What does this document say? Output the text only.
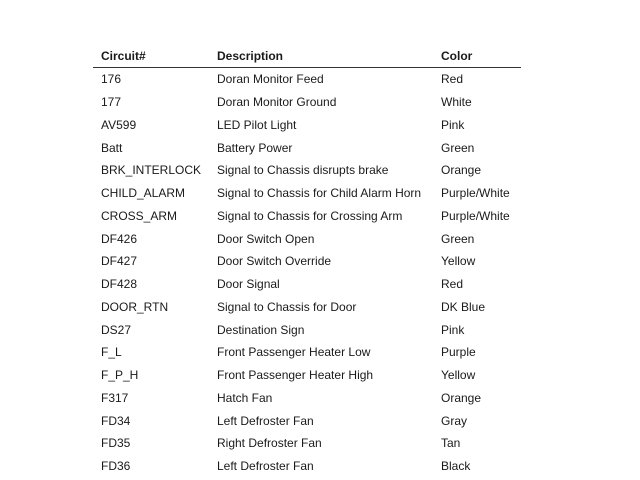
Circuit#	Description	Color
176	Doran Monitor Feed	Red
177	Doran Monitor Ground	White
AV599	LED Pilot Light	Pink
Batt	Battery Power	Green
BRK_INTERLOCK	Signal to Chassis disrupts brake	Orange
CHILD_ALARM	Signal to Chassis for Child Alarm Horn	Purple/White
CROSS_ARM	Signal to Chassis for Crossing Arm	Purple/White
DF426	Door Switch Open	Green
DF427	Door Switch Override	Yellow
DF428	Door Signal	Red
DOOR_RTN	Signal to Chassis for Door	DK Blue
DS27	Destination Sign	Pink
F_L	Front Passenger Heater Low	Purple
F_P_H	Front Passenger Heater High	Yellow
F317	Hatch Fan	Orange
FD34	Left Defroster Fan	Gray
FD35	Right Defroster Fan	Tan
FD36	Left Defroster Fan	Black
